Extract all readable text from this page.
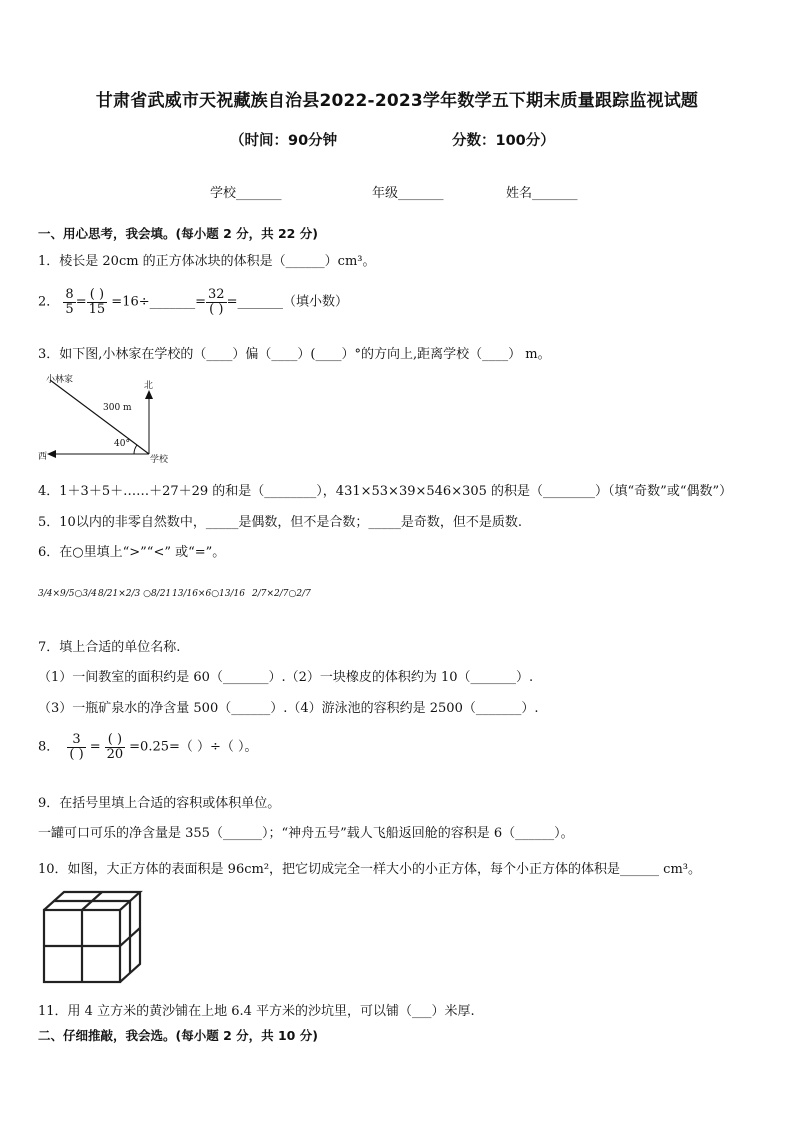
甘肃省武威市天祝藏族自治县2022-2023学年数学五下期末质量跟踪监视试题
（时间：90分钟	分数：100分）
学校_______	年级_______	姓名_______
一、用心思考，我会填。(每小题 2 分，共 22 分)
1．棱长是 20cm 的正方体冰块的体积是（______）cm³。
2． $\frac{8}{5} = \frac{( )}{15}$ =16÷_______= $\frac{32}{( )}$ =_______（填小数）
3．如下图,小林家在学校的（____）偏（____）(____）°的方向上,距离学校（____） m。
小林家
北
300 m
40°
西	学校
4．1＋3＋5＋……＋27＋29 的和是（________），431×53×39×546×305 的积是（________）（填“奇数”或“偶数”）
5．10以内的非零自然数中，_____是偶数，但不是合数；_____是奇数，但不是质数.
6．在○里填上“>”“<” 或“=”。
3/4×9/5○3/4 8/21×2/3 ○8/21 13/16×6○13/16 2/7×2/7○2/7
7．填上合适的单位名称.
（1）一间教室的面积约是 60（_______）.（2）一块橡皮的体积约为 10（_______）.
（3）一瓶矿泉水的净含量 500（______）.（4）游泳池的容积约是 2500（_______）.
8． $\frac{3}{( )} = \frac{( )}{20} =0.25=$（ ）÷（ ）。
9．在括号里填上合适的容积或体积单位。
一罐可口可乐的净含量是 355（______）；“神舟五号”载人飞船返回舱的容积是 6（______）。
10．如图，大正方体的表面积是 96cm²，把它切成完全一样大小的小正方体，每个小正方体的体积是______ cm³。
11．用 4 立方米的黄沙铺在上地 6.4 平方米的沙坑里，可以铺（___）米厚.
二、仔细推敲，我会选。(每小题 2 分，共 10 分)
